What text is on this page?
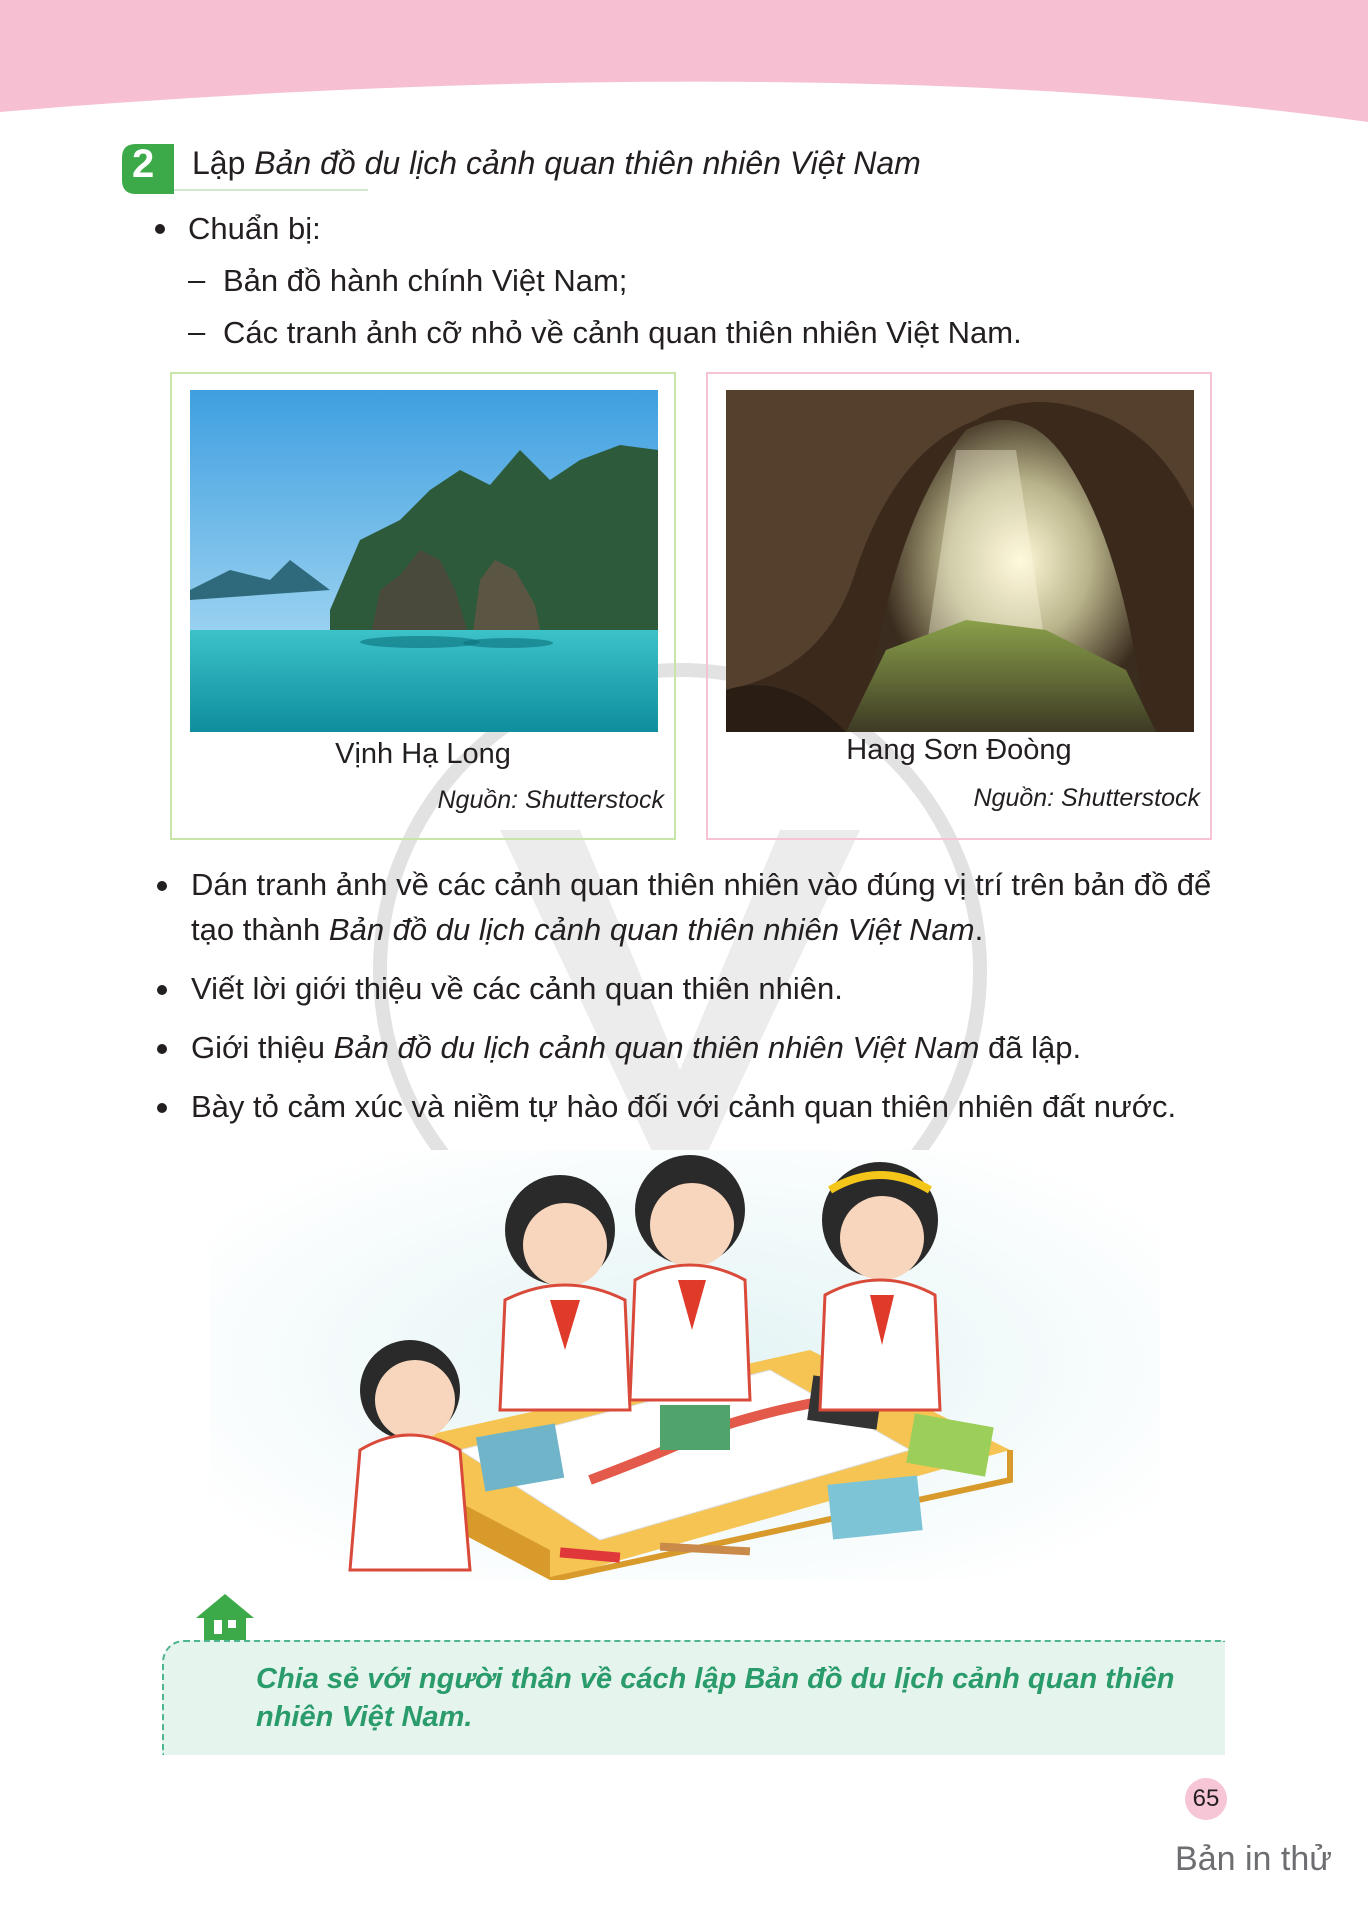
2 Lập Bản đồ du lịch cảnh quan thiên nhiên Việt Nam
Chuẩn bị:
– Bản đồ hành chính Việt Nam;
– Các tranh ảnh cỡ nhỏ về cảnh quan thiên nhiên Việt Nam.
Vịnh Hạ Long
Nguồn: Shutterstock
Hang Sơn Đoòng
Nguồn: Shutterstock
Dán tranh ảnh về các cảnh quan thiên nhiên vào đúng vị trí trên bản đồ để
tạo thành Bản đồ du lịch cảnh quan thiên nhiên Việt Nam.
Viết lời giới thiệu về các cảnh quan thiên nhiên.
Giới thiệu Bản đồ du lịch cảnh quan thiên nhiên Việt Nam đã lập.
Bày tỏ cảm xúc và niềm tự hào đối với cảnh quan thiên nhiên đất nước.
Chia sẻ với người thân về cách lập Bản đồ du lịch cảnh quan thiên
nhiên Việt Nam.
65
Bản in thử
